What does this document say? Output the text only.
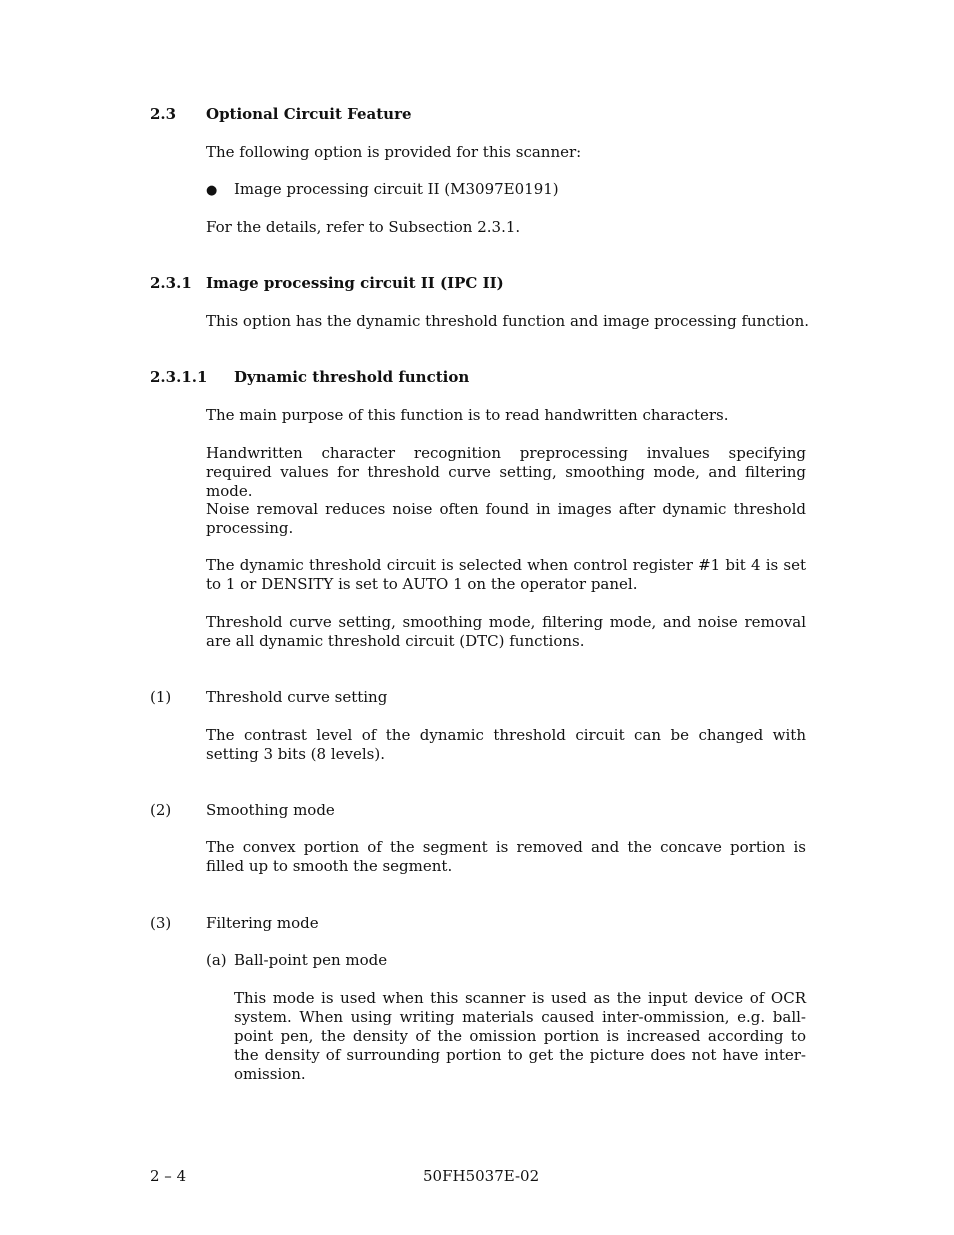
2.3 Optional Circuit Feature
The following option is provided for this scanner:
● Image processing circuit II (M3097E0191)
For the details, refer to Subsection 2.3.1.
2.3.1 Image processing circuit II (IPC II)
This option has the dynamic threshold function and image processing function.
2.3.1.1 Dynamic threshold function
The main purpose of this function is to read handwritten characters.
Handwritten character recognition preprocessing invalues specifying required values for threshold curve setting, smoothing mode, and filtering mode.
Noise removal reduces noise often found in images after dynamic threshold processing.
The dynamic threshold circuit is selected when control register #1 bit 4 is set to 1 or DENSITY is set to AUTO 1 on the operator panel.
Threshold curve setting, smoothing mode, filtering mode, and noise removal are all dynamic threshold circuit (DTC) functions.
(1) Threshold curve setting
The contrast level of the dynamic threshold circuit can be changed with setting 3 bits (8 levels).
(2) Smoothing mode
The convex portion of the segment is removed and the concave portion is filled up to smooth the segment.
(3) Filtering mode
(a) Ball-point pen mode
This mode is used when this scanner is used as the input device of OCR system. When using writing materials caused inter-ommission, e.g. ball-point pen, the density of the omission portion is increased according to the density of surrounding portion to get the picture does not have inter-omission.
2 – 4	50FH5037E-02
